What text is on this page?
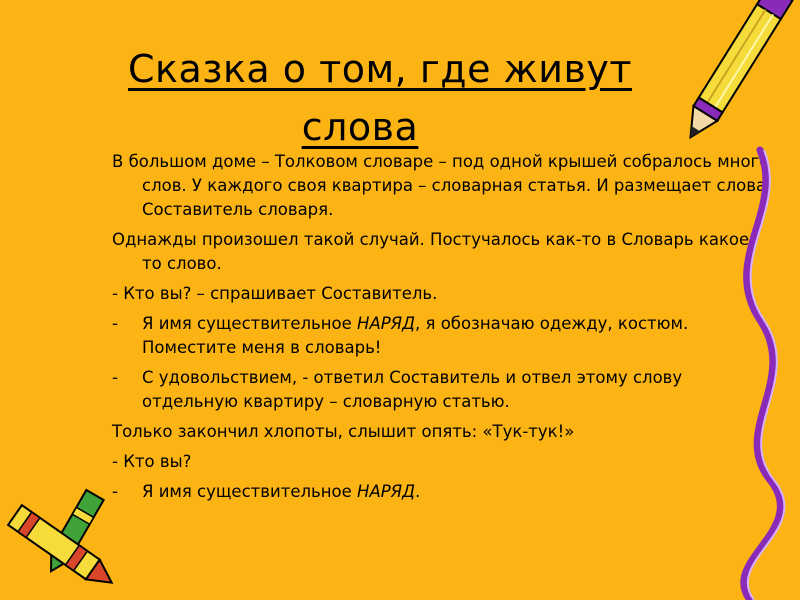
Сказка о том, где живут
слова

В большом доме – Толковом словаре – под одной крышей собралось много слов. У каждого своя квартира – словарная статья. И размещает слова Составитель словаря.

Однажды произошел такой случай. Постучалось как-то в Словарь какое-то слово.

- Кто вы? – спрашивает Составитель.

- Я имя существительное НАРЯД, я обозначаю одежду, костюм. Поместите меня в словарь!

- С удовольствием, - ответил Составитель и отвел этому слову отдельную квартиру – словарную статью.

Только закончил хлопоты, слышит опять: «Тук-тук!»

- Кто вы?

- Я имя существительное НАРЯД.
